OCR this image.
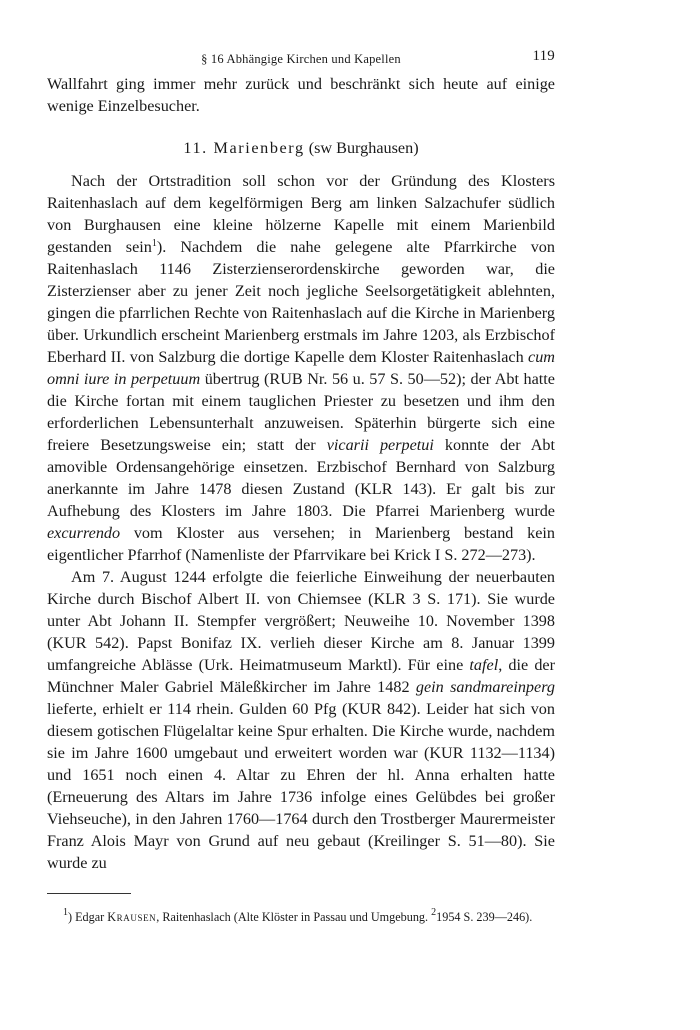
§ 16 Abhängige Kirchen und Kapellen	119

Wallfahrt ging immer mehr zurück und beschränkt sich heute auf einige wenige Einzelbesucher.

11. Marienberg (sw Burghausen)

Nach der Ortstradition soll schon vor der Gründung des Klosters Raitenhaslach auf dem kegelförmigen Berg am linken Salzachufer südlich von Burghausen eine kleine hölzerne Kapelle mit einem Marienbild gestanden sein$^1$). Nachdem die nahe gelegene alte Pfarrkirche von Raitenhaslach 1146 Zisterzienserordenskirche geworden war, die Zisterzienser aber zu jener Zeit noch jegliche Seelsorgetätigkeit ablehnten, gingen die pfarrlichen Rechte von Raitenhaslach auf die Kirche in Marienberg über. Urkundlich erscheint Marienberg erstmals im Jahre 1203, als Erzbischof Eberhard II. von Salzburg die dortige Kapelle dem Kloster Raitenhaslach cum omni iure in perpetuum übertrug (RUB Nr. 56 u. 57 S. 50—52); der Abt hatte die Kirche fortan mit einem tauglichen Priester zu besetzen und ihm den erforderlichen Lebensunterhalt anzuweisen. Späterhin bürgerte sich eine freiere Besetzungsweise ein; statt der vicarii perpetui konnte der Abt amovible Ordensangehörige einsetzen. Erzbischof Bernhard von Salzburg anerkannte im Jahre 1478 diesen Zustand (KLR 143). Er galt bis zur Aufhebung des Klosters im Jahre 1803. Die Pfarrei Marienberg wurde excurrendo vom Kloster aus versehen; in Marienberg bestand kein eigentlicher Pfarrhof (Namenliste der Pfarrvikare bei Krick I S. 272—273).

Am 7. August 1244 erfolgte die feierliche Einweihung der neuerbauten Kirche durch Bischof Albert II. von Chiemsee (KLR 3 S. 171). Sie wurde unter Abt Johann II. Stempfer vergrößert; Neuweihe 10. November 1398 (KUR 542). Papst Bonifaz IX. verlieh dieser Kirche am 8. Januar 1399 umfangreiche Ablässe (Urk. Heimatmuseum Marktl). Für eine tafel, die der Münchner Maler Gabriel Mäleßkircher im Jahre 1482 gein sandmareinperg lieferte, erhielt er 114 rhein. Gulden 60 Pfg (KUR 842). Leider hat sich von diesem gotischen Flügelaltar keine Spur erhalten. Die Kirche wurde, nachdem sie im Jahre 1600 umgebaut und erweitert worden war (KUR 1132—1134) und 1651 noch einen 4. Altar zu Ehren der hl. Anna erhalten hatte (Erneuerung des Altars im Jahre 1736 infolge eines Gelübdes bei großer Viehseuche), in den Jahren 1760—1764 durch den Trostberger Maurermeister Franz Alois Mayr von Grund auf neu gebaut (Kreilinger S. 51—80). Sie wurde zu

$^1$) Edgar Krausen, Raitenhaslach (Alte Klöster in Passau und Umgebung. $^2$1954 S. 239—246).
